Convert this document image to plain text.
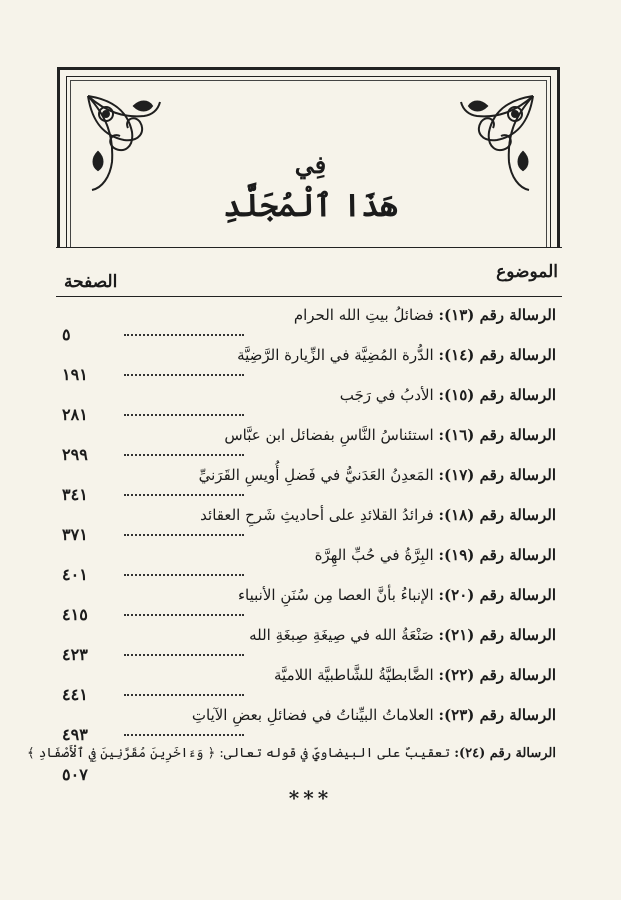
فِي
هَذَا ٱلْمُجَلَّدِ
الموضوع
الصفحة
الرسالة رقم (١٣): فضائلُ بيتِ الله الحرام
٥
الرسالة رقم (١٤): الدُّرة المُضِيَّة في الزِّيارة الرَّضِيَّة
١٩١
الرسالة رقم (١٥): الأدبُ في رَجَب
٢٨١
الرسالة رقم (١٦): استئناسُ النَّاسِ بفضائل ابن عبَّاس
٢٩٩
الرسالة رقم (١٧): المَعدِنُ العَدَنيُّ في فَضلِ أُويسِ القَرَنيِّ
٣٤١
الرسالة رقم (١٨): فرائدُ القلائدِ على أحاديثِ شَرحِ العقائد
٣٧١
الرسالة رقم (١٩): البِرَّةُ في حُبِّ الهِرَّة
٤٠١
الرسالة رقم (٢٠): الإنباءُ بأنَّ العصا مِن سُنَنِ الأنبياء
٤١٥
الرسالة رقم (٢١): صَنْعَةُ الله في صِيغَةِ صِبغَةِ الله
٤٢٣
الرسالة رقم (٢٢): الضَّابطيَّةُ للشَّاطبيَّة اللاميَّة
٤٤١
الرسالة رقم (٢٣): العلاماتُ البيِّناتُ في فضائلِ بعضِ الآياتِ
٤٩٣
الرسالة رقم (٢٤): تعقيبٌ على البيضاويِّ في قوله تعالى: ﴿ وَءَاخَرِينَ مُقَرَّنِينَ فِي ٱلْأَصْفَادِ ﴾
٥٠٧
***
